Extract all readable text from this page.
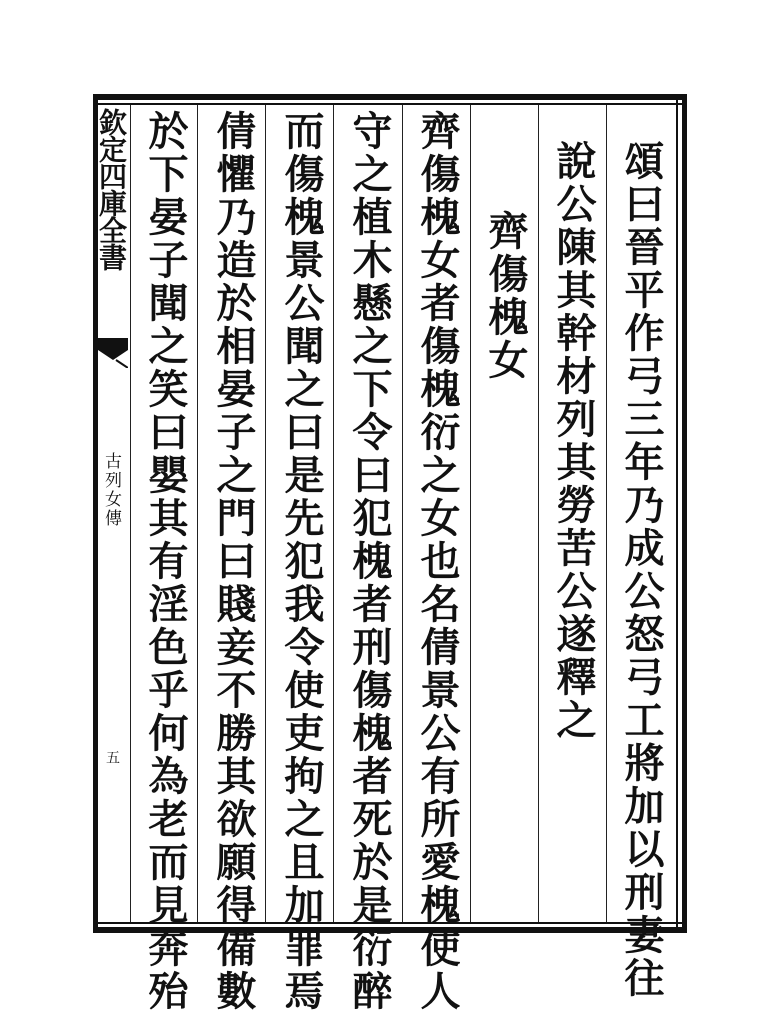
欽定四庫全書
古列女傳
五	頌曰晉平作弓三年乃成公怒弓工將加以刑妻往
說公陳其幹材列其勞苦公遂釋之
齊傷槐女
齊傷槐女者傷槐衍之女也名倩景公有所愛槐使人
守之植木懸之下令曰犯槐者刑傷槐者死於是衍醉
而傷槐景公聞之曰是先犯我令使吏拘之且加罪焉
倩懼乃造於相晏子之門曰賤妾不勝其欲願得備數
於下晏子聞之笑曰嬰其有淫色乎何為老而見奔殆
